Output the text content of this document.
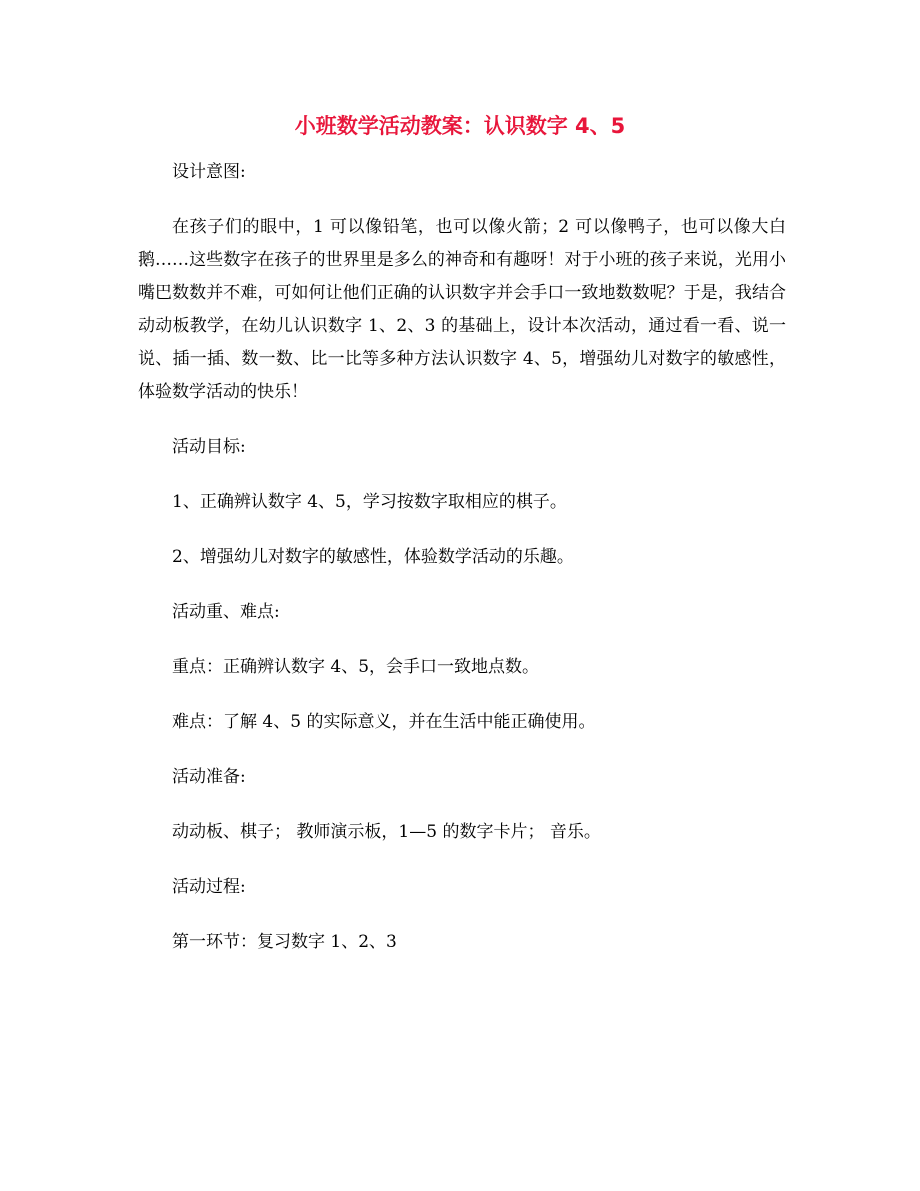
小班数学活动教案：认识数字 4、5

设计意图:

在孩子们的眼中，1 可以像铅笔，也可以像火箭；2 可以像鸭子，也可以像大白鹅……这些数字在孩子的世界里是多么的神奇和有趣呀！对于小班的孩子来说，光用小嘴巴数数并不难，可如何让他们正确的认识数字并会手口一致地数数呢？于是，我结合动动板教学，在幼儿认识数字 1、2、3 的基础上，设计本次活动，通过看一看、说一说、插一插、数一数、比一比等多种方法认识数字 4、5，增强幼儿对数字的敏感性，体验数学活动的快乐！

活动目标:

1、正确辨认数字 4、5，学习按数字取相应的棋子。

2、增强幼儿对数字的敏感性，体验数学活动的乐趣。

活动重、难点:

重点：正确辨认数字 4、5，会手口一致地点数。

难点：了解 4、5 的实际意义，并在生活中能正确使用。

活动准备:

动动板、棋子； 教师演示板，1—5 的数字卡片； 音乐。

活动过程:

第一环节：复习数字 1、2、3
